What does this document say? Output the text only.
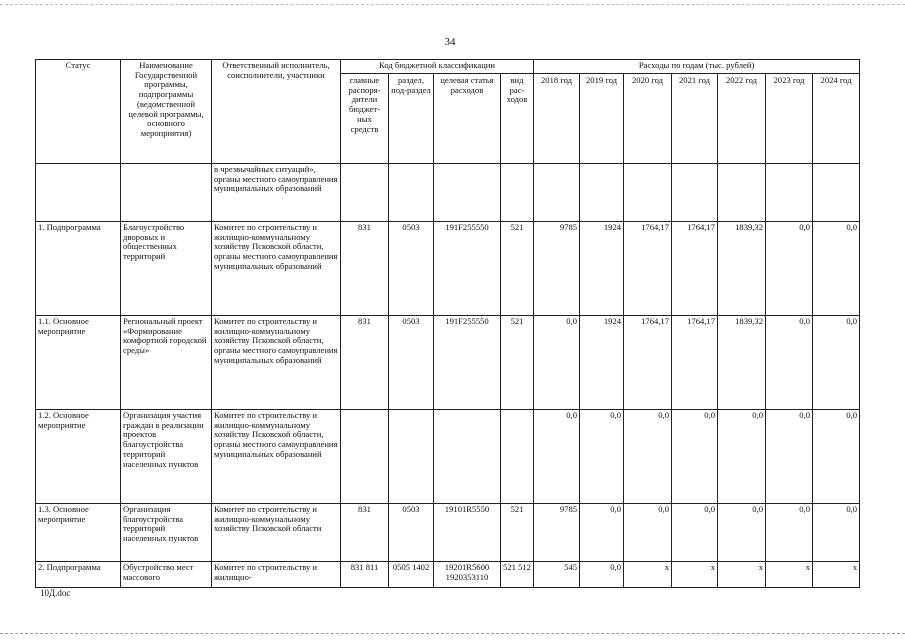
34
Статус	Наименование Государственной программы, подпрограммы (ведомственной целевой программы, основного мероприятия)	Ответственный исполнитель, соисполнители, участники	Код бюджетной классификации				Расходы по годам (тыс. рублей)						
			главные распоря-дители бюджет-ных средств	раздел, под-раздел	целевая статья расходов	вид рас-ходов	2018 год	2019 год	2020 год	2021 год	2022 год	2023 год	2024 год
		в чрезвычайных ситуаций», органы местного самоуправления муниципальных образований											
1. Подпрограмма	Благоустройство дворовых и общественных территорий	Комитет по строительству и жилищно-коммунальному хозяйству Псковской области, органы местного самоуправления муниципальных образований	831	0503	191F255550	521	9785	1924	1764,17	1764,17	1839,32	0,0	0,0
1.1. Основное мероприятие	Региональный проект «Формирование комфортной городской среды»	Комитет по строительству и жилищно-коммунальному хозяйству Псковской области, органы местного самоуправления муниципальных образований	831	0503	191F255550	521	0,0	1924	1764,17	1764,17	1839,32	0,0	0,0
1.2. Основное мероприятие	Организация участия граждан в реализации проектов благоустройства территорий населенных пунктов	Комитет по строительству и жилищно-коммунальному хозяйству Псковской области, органы местного самоуправления муниципальных образований					0,0	0,0	0,0	0,0	0,0	0,0	0,0
1.3. Основное мероприятие	Организация благоустройства территорий населенных пунктов	Комитет по строительству и жилищно-коммунальному хозяйству Псковской области	831	0503	19101R5550	521	9785	0,0	0,0	0,0	0,0	0,0	0,0
2. Подпрограмма	Обустройство мест массового	Комитет по строительству и жилищно-	831 811	0505 1402	19201R5600 1920353110	521 512	545	0,0	х	х	х	х	х
10Д.doc
